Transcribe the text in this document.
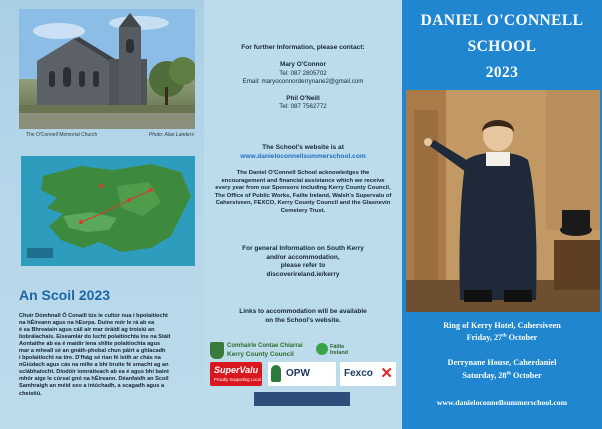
The O'Connell Memorial Church	Photo: Alan Landers
An Scoil 2023
Chuir Dómhnall Ó Conaill tús le cultúr nua i bpolaitíocht
na hÉireann agus na hEorpa. Duine mór le rá ab ea
é sa Bhreatain agus cáil air mar óráidí ag troisiú an
liobrálachais. Eiseamlár do lucht polaitíochta ins na Stáit
Aontaithe ab ea é maidir lena shlite polaitíochta agus
mar a mheall sé an gnáth-phobal chun páirt a ghlacadh
i bpolaitíocht na tíre. D'fhág sé rian fé leith ar chás na
nGiúdach agus cás na milte a bhí bruite fé smacht ag an
sclábhaíocht. Díodóir iomráiteach ab ea é agus bhí baint
mhór aige le cúrsaí gnó na hÉireann. Déanfaidh an Scoil
Samhraigh an méid seo a iniúchadh, a scagadh agus a
cheistiú.
For further Information, please contact:
Mary O'Connor
Tel: 087 2805702
Email: maryoconnorderrynane2@gmail.com
Phil O'Neill
Tel: 087 7562772
The School's website is at
www.danieloconnellsummerschool.com
The Daniel O'Connell School acknowledges the encouragement and financial assistance which we receive every year from our Sponsors including Kerry County Council, The Office of Public Works, Failte Ireland, Walsh's Supervalu of Cahersiveen, FEXCO, Kerry County Council and the Glasnevin Cemetery Trust.
For general Information on South Kerry
and/or accommodation,
please refer to
discoverireland.ie/kerry
Links to accommodation will be available
on the School's website.
Comhairle Contae Chiarraí
Kerry County Council
Fáilte
Ireland
SuperValu
Proudly Supporting Local
OPW	Fexco ✕
DANIEL O'CONNELL
SCHOOL
2023
Ring of Kerry Hotel, Cahersiveen
Friday, 27th October
Derrynane House, Caherdaniel
Saturday, 28th October
www.danieloconnellsummerschool.com
